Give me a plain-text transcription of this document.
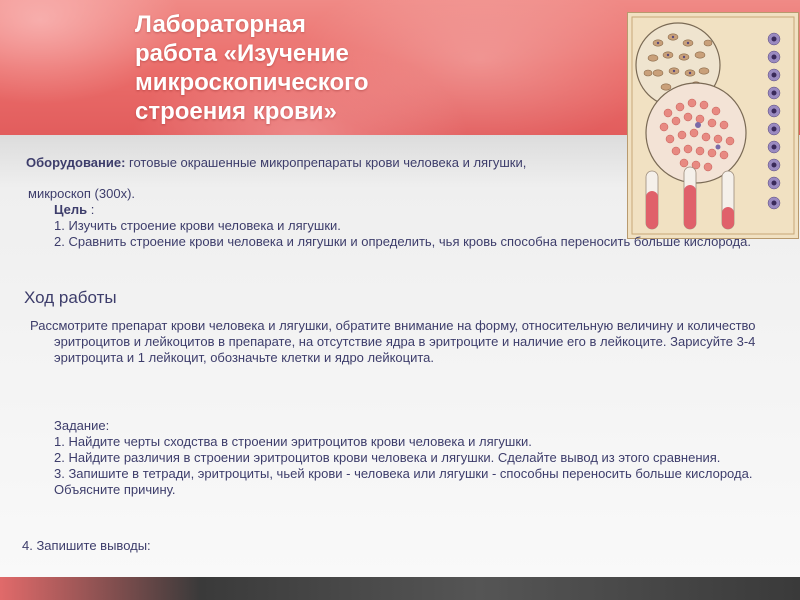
Лабораторная
работа «Изучение
микроскопического
строения крови»
Оборудование: готовые окрашенные микропрепараты крови человека и лягушки,
микроскоп (300х).
Цель :
1. Изучить строение крови человека и лягушки.
2. Сравнить строение крови человека и лягушки и определить, чья кровь способна переносить больше кислорода.
Ход работы
Рассмотрите препарат крови человека и лягушки, обратите внимание на форму, относительную величину и количество эритроцитов и лейкоцитов в препарате, на отсутствие ядра в эритроците и наличие его в лейкоците. Зарисуйте 3-4 эритроцита и 1 лейкоцит, обозначьте клетки и ядро лейкоцита.
Задание:
1. Найдите черты сходства в строении эритроцитов крови человека и лягушки.
2. Найдите различия в строении эритроцитов крови человека и лягушки. Сделайте вывод из этого сравнения.
3. Запишите в тетради, эритроциты, чьей крови - человека или лягушки - способны переносить больше кислорода. Объясните причину.
4. Запишите выводы:
